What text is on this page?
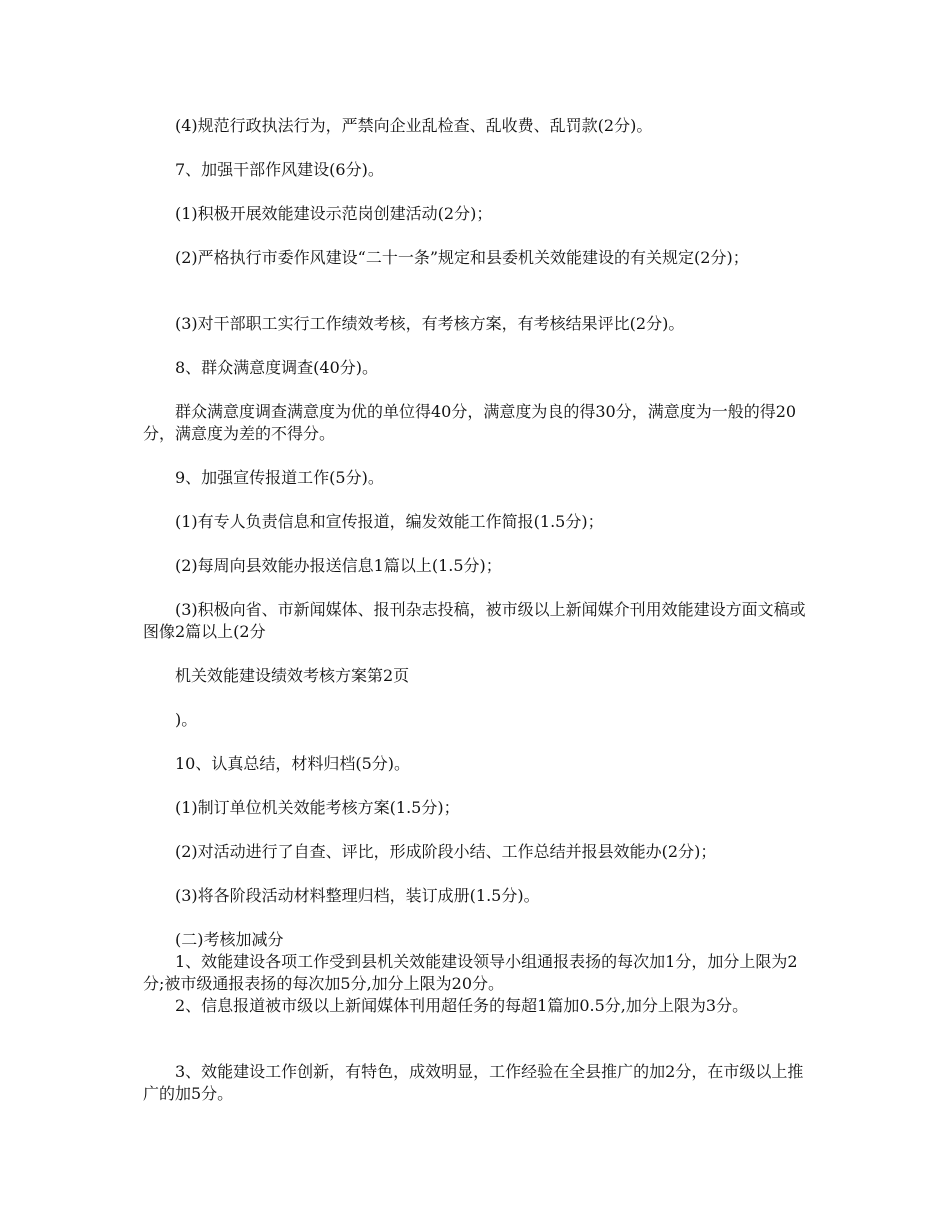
(4)规范行政执法行为，严禁向企业乱检查、乱收费、乱罚款(2分)。

7、加强干部作风建设(6分)。

(1)积极开展效能建设示范岗创建活动(2分)；

(2)严格执行市委作风建设“二十一条”规定和县委机关效能建设的有关规定(2分)；

(3)对干部职工实行工作绩效考核，有考核方案，有考核结果评比(2分)。

8、群众满意度调查(40分)。

群众满意度调查满意度为优的单位得40分，满意度为良的得30分，满意度为一般的得20分，满意度为差的不得分。

9、加强宣传报道工作(5分)。

(1)有专人负责信息和宣传报道，编发效能工作简报(1.5分)；

(2)每周向县效能办报送信息1篇以上(1.5分)；

(3)积极向省、市新闻媒体、报刊杂志投稿，被市级以上新闻媒介刊用效能建设方面文稿或图像2篇以上(2分

机关效能建设绩效考核方案第2页

)。

10、认真总结，材料归档(5分)。

(1)制订单位机关效能考核方案(1.5分)；

(2)对活动进行了自查、评比，形成阶段小结、工作总结并报县效能办(2分)；

(3)将各阶段活动材料整理归档，装订成册(1.5分)。

(二)考核加减分

1、效能建设各项工作受到县机关效能建设领导小组通报表扬的每次加1分，加分上限为2分;被市级通报表扬的每次加5分,加分上限为20分。

2、信息报道被市级以上新闻媒体刊用超任务的每超1篇加0.5分,加分上限为3分。

3、效能建设工作创新，有特色，成效明显，工作经验在全县推广的加2分，在市级以上推广的加5分。
